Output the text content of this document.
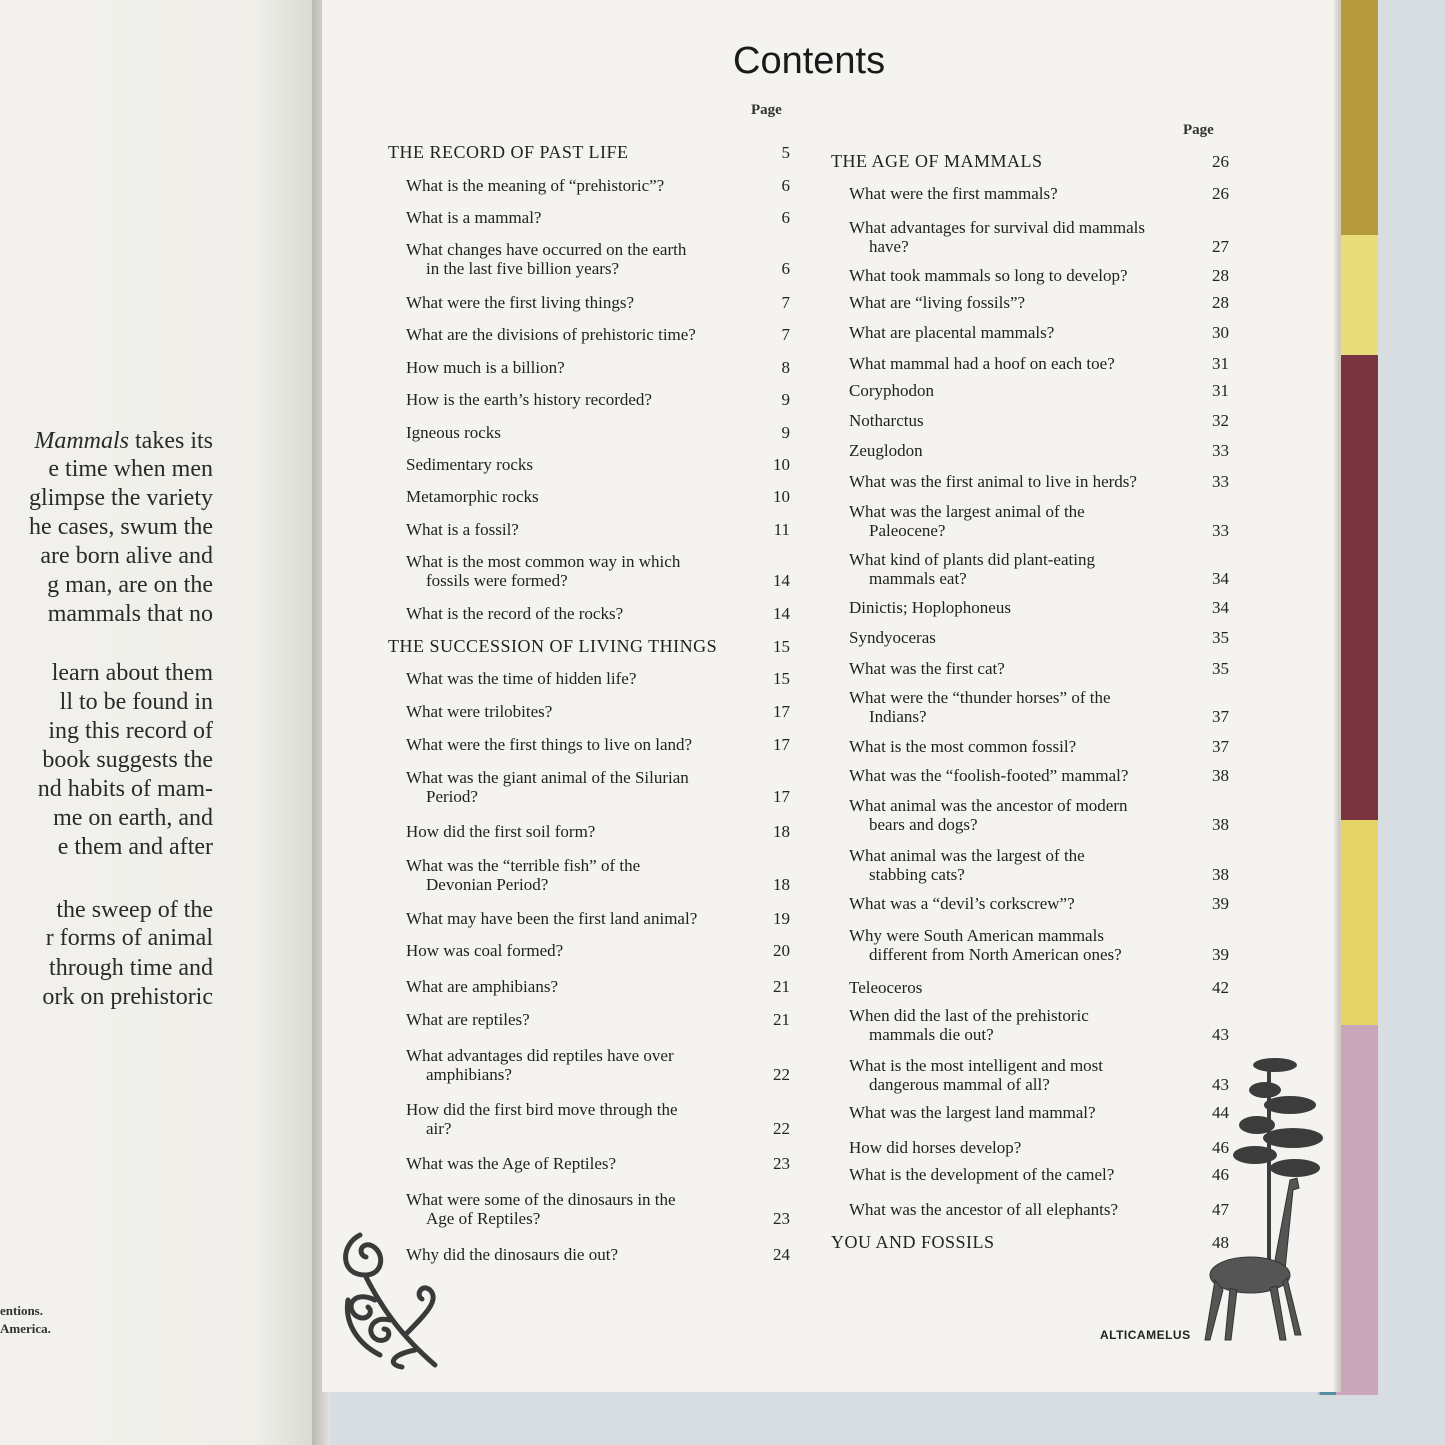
Mammals takes its
e time when men
glimpse the variety
he cases, swum the
are born alive and
g man, are on the
mammals that no
learn about them
ll to be found in
ing this record of
book suggests the
nd habits of mam-
me on earth, and
e them and after
the sweep of the
r forms of animal
through time and
ork on prehistoric
entions.
America.
Contents
Page
Page
THE RECORD OF PAST LIFE	5
What is the meaning of “prehistoric”?	6
What is a mammal?	6
What changes have occurred on the earth
in the last five billion years?	6
What were the first living things?	7
What are the divisions of prehistoric time?	7
How much is a billion?	8
How is the earth’s history recorded?	9
Igneous rocks	9
Sedimentary rocks	10
Metamorphic rocks	10
What is a fossil?	11
What is the most common way in which
fossils were formed?	14
What is the record of the rocks?	14
THE SUCCESSION OF LIVING THINGS	15
What was the time of hidden life?	15
What were trilobites?	17
What were the first things to live on land?	17
What was the giant animal of the Silurian
Period?	17
How did the first soil form?	18
What was the “terrible fish” of the
Devonian Period?	18
What may have been the first land animal?	19
How was coal formed?	20
What are amphibians?	21
What are reptiles?	21
What advantages did reptiles have over
amphibians?	22
How did the first bird move through the
air?	22
What was the Age of Reptiles?	23
What were some of the dinosaurs in the
Age of Reptiles?	23
Why did the dinosaurs die out?	24
THE AGE OF MAMMALS	26
What were the first mammals?	26
What advantages for survival did mammals
have?	27
What took mammals so long to develop?	28
What are “living fossils”?	28
What are placental mammals?	30
What mammal had a hoof on each toe?	31
Coryphodon	31
Notharctus	32
Zeuglodon	33
What was the first animal to live in herds?	33
What was the largest animal of the
Paleocene?	33
What kind of plants did plant-eating
mammals eat?	34
Dinictis; Hoplophoneus	34
Syndyoceras	35
What was the first cat?	35
What were the “thunder horses” of the
Indians?	37
What is the most common fossil?	37
What was the “foolish-footed” mammal?	38
What animal was the ancestor of modern
bears and dogs?	38
What animal was the largest of the
stabbing cats?	38
What was a “devil’s corkscrew”?	39
Why were South American mammals
different from North American ones?	39
Teleoceros	42
When did the last of the prehistoric
mammals die out?	43
What is the most intelligent and most
dangerous mammal of all?	43
What was the largest land mammal?	44
How did horses develop?	46
What is the development of the camel?	46
What was the ancestor of all elephants?	47
YOU AND FOSSILS	48
ALTICAMELUS
